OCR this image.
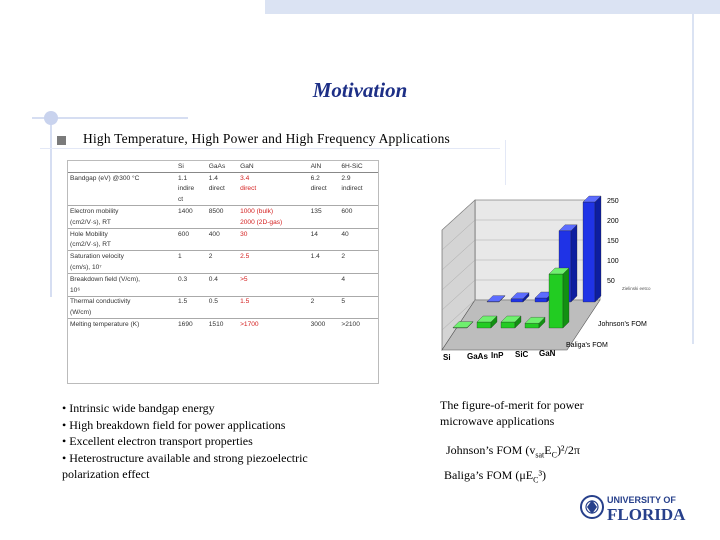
Motivation
High Temperature, High Power and High Frequency Applications
	Si	GaAs	GaN	AlN	6H-SiC
Bandgap (eV) @300 °C	1.1	1.4	3.4	6.2	2.9
	indire	direct	direct	direct	indirect
	ct				
Electron mobility	1400	8500	1000 (bulk)	135	600
(cm2/V·s), RT			2000 (2D-gas)		
Hole Mobility	600	400	30	14	40
(cm2/V·s), RT					
Saturation velocity	1	2	2.5	1.4	2
(cm/s), 10⁷					
Breakdown field (V/cm),	0.3	0.4	>5		4
10⁶					
Thermal conductivity	1.5	0.5	1.5	2	5
(W/cm)					
Melting temperature (K)	1690	1510	>1700	3000	>2100
50
100
150
200
250
Si GaAs InP SiC GaN
Johnson's FOM
Baliga's FOM
Zielinski eetco
• Intrinsic wide bandgap energy
• High breakdown field for power applications
• Excellent electron transport properties
• Heterostructure available and strong piezoelectric polarization effect
The figure-of-merit for power
microwave applications
Johnson’s FOM $(v_{sat}E_C)^2/2\pi$
Baliga’s FOM $(\mu E_C^3)$
UNIVERSITY OF
FLORIDA
